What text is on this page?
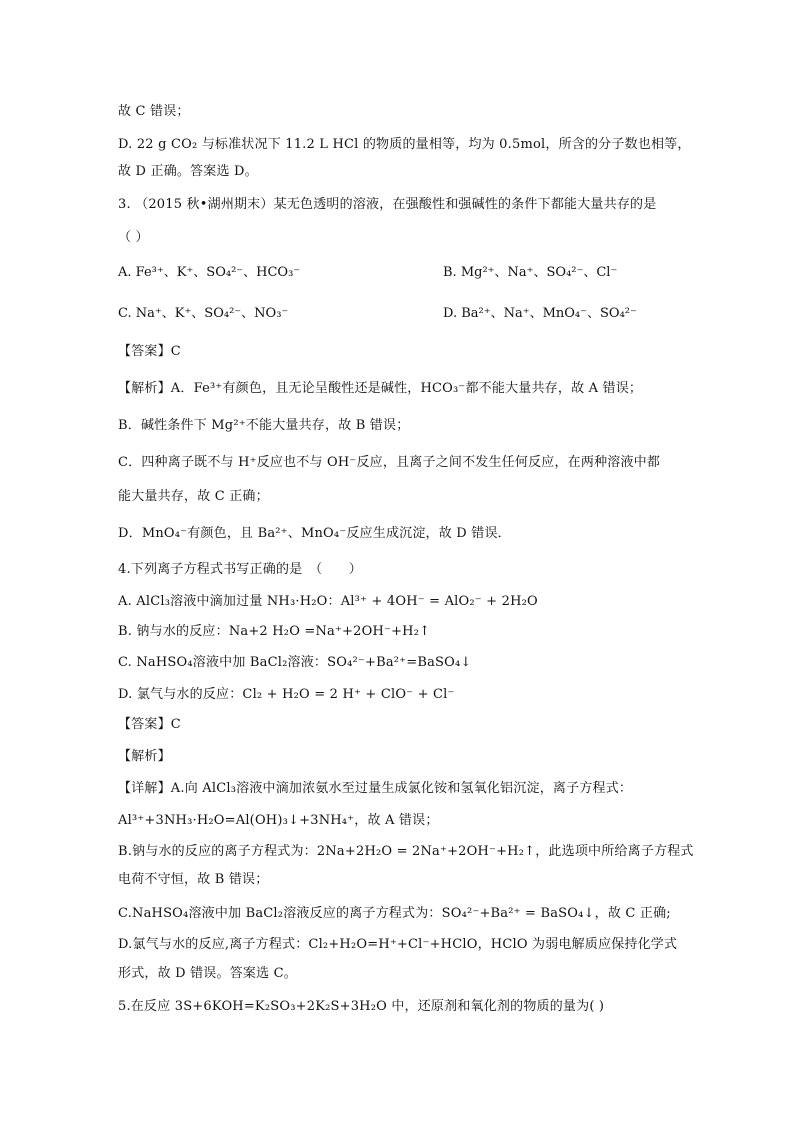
故 C 错误；
D. 22 g CO₂ 与标准状况下 11.2 L HCl 的物质的量相等，均为 0.5mol，所含的分子数也相等，
故 D 正确。答案选 D。
3. （2015 秋•湖州期末）某无色透明的溶液，在强酸性和强碱性的条件下都能大量共存的是
（ ）
A. Fe³⁺、K⁺、SO₄²⁻、HCO₃⁻	B. Mg²⁺、Na⁺、SO₄²⁻、Cl⁻
C. Na⁺、K⁺、SO₄²⁻、NO₃⁻	D. Ba²⁺、Na⁺、MnO₄⁻、SO₄²⁻
【答案】C
【解析】A．Fe³⁺有颜色，且无论呈酸性还是碱性，HCO₃⁻都不能大量共存，故 A 错误；
B．碱性条件下 Mg²⁺不能大量共存，故 B 错误；
C．四种离子既不与 H⁺反应也不与 OH⁻反应，且离子之间不发生任何反应，在两种溶液中都
能大量共存，故 C 正确；
D．MnO₄⁻有颜色，且 Ba²⁺、MnO₄⁻反应生成沉淀，故 D 错误．
4.下列离子方程式书写正确的是　（　　）
A. AlCl₃溶液中滴加过量 NH₃·H₂O：Al³⁺ + 4OH⁻ = AlO₂⁻ + 2H₂O
B. 钠与水的反应：Na+2 H₂O =Na⁺+2OH⁻+H₂↑
C. NaHSO₄溶液中加 BaCl₂溶液：SO₄²⁻+Ba²⁺=BaSO₄↓
D. 氯气与水的反应：Cl₂ + H₂O = 2 H⁺ + ClO⁻ + Cl⁻
【答案】C
【解析】
【详解】A.向 AlCl₃溶液中滴加浓氨水至过量生成氯化铵和氢氧化铝沉淀，离子方程式：
Al³⁺+3NH₃·H₂O=Al(OH)₃↓+3NH₄⁺，故 A 错误；
B.钠与水的反应的离子方程式为：2Na+2H₂O = 2Na⁺+2OH⁻+H₂↑，此选项中所给离子方程式
电荷不守恒，故 B 错误；
C.NaHSO₄溶液中加 BaCl₂溶液反应的离子方程式为：SO₄²⁻+Ba²⁺ = BaSO₄↓，故 C 正确;
D.氯气与水的反应,离子方程式：Cl₂+H₂O=H⁺+Cl⁻+HClO，HClO 为弱电解质应保持化学式
形式，故 D 错误。答案选 C。
5.在反应 3S+6KOH=K₂SO₃+2K₂S+3H₂O 中，还原剂和氧化剂的物质的量为( )
